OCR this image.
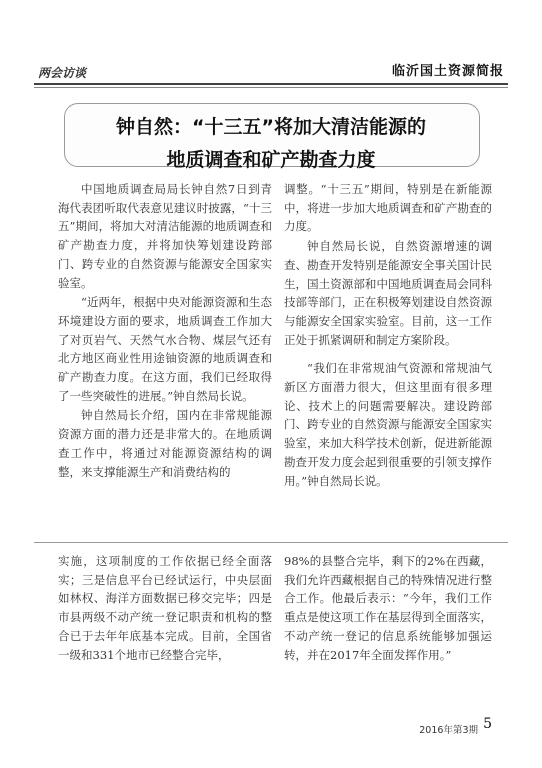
两会访谈	临沂国土资源简报
钟自然：“十三五”将加大清洁能源的
地质调查和矿产勘查力度

中国地质调查局局长钟自然7日到青海代表团听取代表意见建议时披露，“十三五”期间，将加大对清洁能源的地质调查和矿产勘查力度，并将加快筹划建设跨部门、跨专业的自然资源与能源安全国家实验室。

“近两年，根据中央对能源资源和生态环境建设方面的要求，地质调查工作加大了对页岩气、天然气水合物、煤层气还有北方地区商业性用途铀资源的地质调查和矿产勘查力度。在这方面，我们已经取得了一些突破性的进展。”钟自然局长说。

钟自然局长介绍，国内在非常规能源资源方面的潜力还是非常大的。在地质调查工作中，将通过对能源资源结构的调整，来支撑能源生产和消费结构的

调整。“十三五”期间，特别是在新能源中，将进一步加大地质调查和矿产勘查的力度。

钟自然局长说，自然资源增速的调查、勘查开发特别是能源安全事关国计民生，国土资源部和中国地质调查局会同科技部等部门，正在积极筹划建设自然资源与能源安全国家实验室。目前，这一工作正处于抓紧调研和制定方案阶段。

“我们在非常规油气资源和常规油气新区方面潜力很大，但这里面有很多理论、技术上的问题需要解决。建设跨部门、跨专业的自然资源与能源安全国家实验室，来加大科学技术创新，促进新能源勘查开发力度会起到很重要的引领支撑作用。”钟自然局长说。

实施，这项制度的工作依据已经全面落实；三是信息平台已经试运行，中央层面如林权、海洋方面数据已移交完毕；四是市县两级不动产统一登记职责和机构的整合已于去年年底基本完成。目前，全国省一级和331个地市已经整合完毕，

98%的县整合完毕，剩下的2%在西藏，我们允许西藏根据自己的特殊情况进行整合工作。他最后表示：“今年，我们工作重点是使这项工作在基层得到全面落实，不动产统一登记的信息系统能够加强运转，并在2017年全面发挥作用。”

2016年第3期 5
